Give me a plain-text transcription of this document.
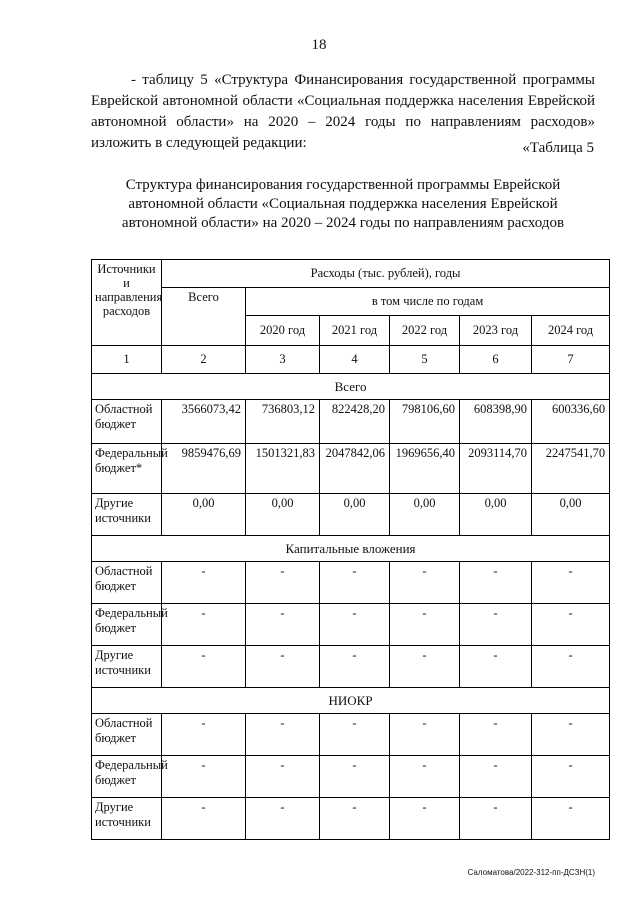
18

- таблицу 5 «Структура Финансирования государственной программы Еврейской автономной области «Социальная поддержка населения Еврейской автономной области» на 2020 – 2024 годы по направлениям расходов» изложить в следующей редакции:	«Таблица 5
Структура финансирования государственной программы Еврейской автономной области «Социальная поддержка населения Еврейской автономной области» на 2020 – 2024 годы по направлениям расходов
Источники и направления расходов	Расходы (тыс. рублей), годы					
	Всего	в том числе по годам				
		2020 год	2021 год	2022 год	2023 год	2024 год
1	2	3	4	5	6	7
Всего						
Областной бюджет	3566073,42	736803,12	822428,20	798106,60	608398,90	600336,60
Федеральный бюджет*	9859476,69	1501321,83	2047842,06	1969656,40	2093114,70	2247541,70
Другие источники	0,00	0,00	0,00	0,00	0,00	0,00
Капитальные вложения						
Областной бюджет	-	-	-	-	-	-
Федеральный бюджет	-	-	-	-	-	-
Другие источники	-	-	-	-	-	-
НИОКР						
Областной бюджет	-	-	-	-	-	-
Федеральный бюджет	-	-	-	-	-	-
Другие источники	-	-	-	-	-	-
Саломатова/2022-312-пп-ДСЗН(1)
